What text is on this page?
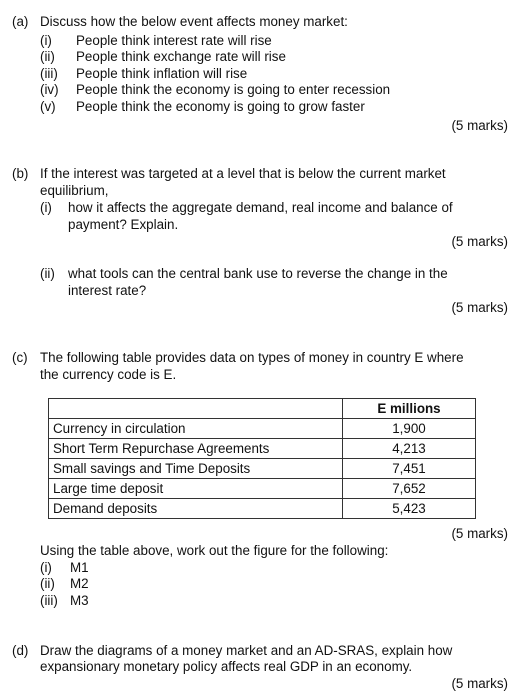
(a) Discuss how the below event affects money market:
(i) People think interest rate will rise
(ii) People think exchange rate will rise
(iii) People think inflation will rise
(iv) People think the economy is going to enter recession
(v) People think the economy is going to grow faster
(5 marks)
(b) If the interest was targeted at a level that is below the current market
equilibrium,
(i) how it affects the aggregate demand, real income and balance of
payment? Explain.
(5 marks)
(ii) what tools can the central bank use to reverse the change in the
interest rate?
(5 marks)
(c) The following table provides data on types of money in country E where
the currency code is E.
	E millions
Currency in circulation	1,900
Short Term Repurchase Agreements	4,213
Small savings and Time Deposits	7,451
Large time deposit	7,652
Demand deposits	5,423
(5 marks)
Using the table above, work out the figure for the following:
(i) M1
(ii) M2
(iii) M3
(d) Draw the diagrams of a money market and an AD-SRAS, explain how
expansionary monetary policy affects real GDP in an economy.
(5 marks)
